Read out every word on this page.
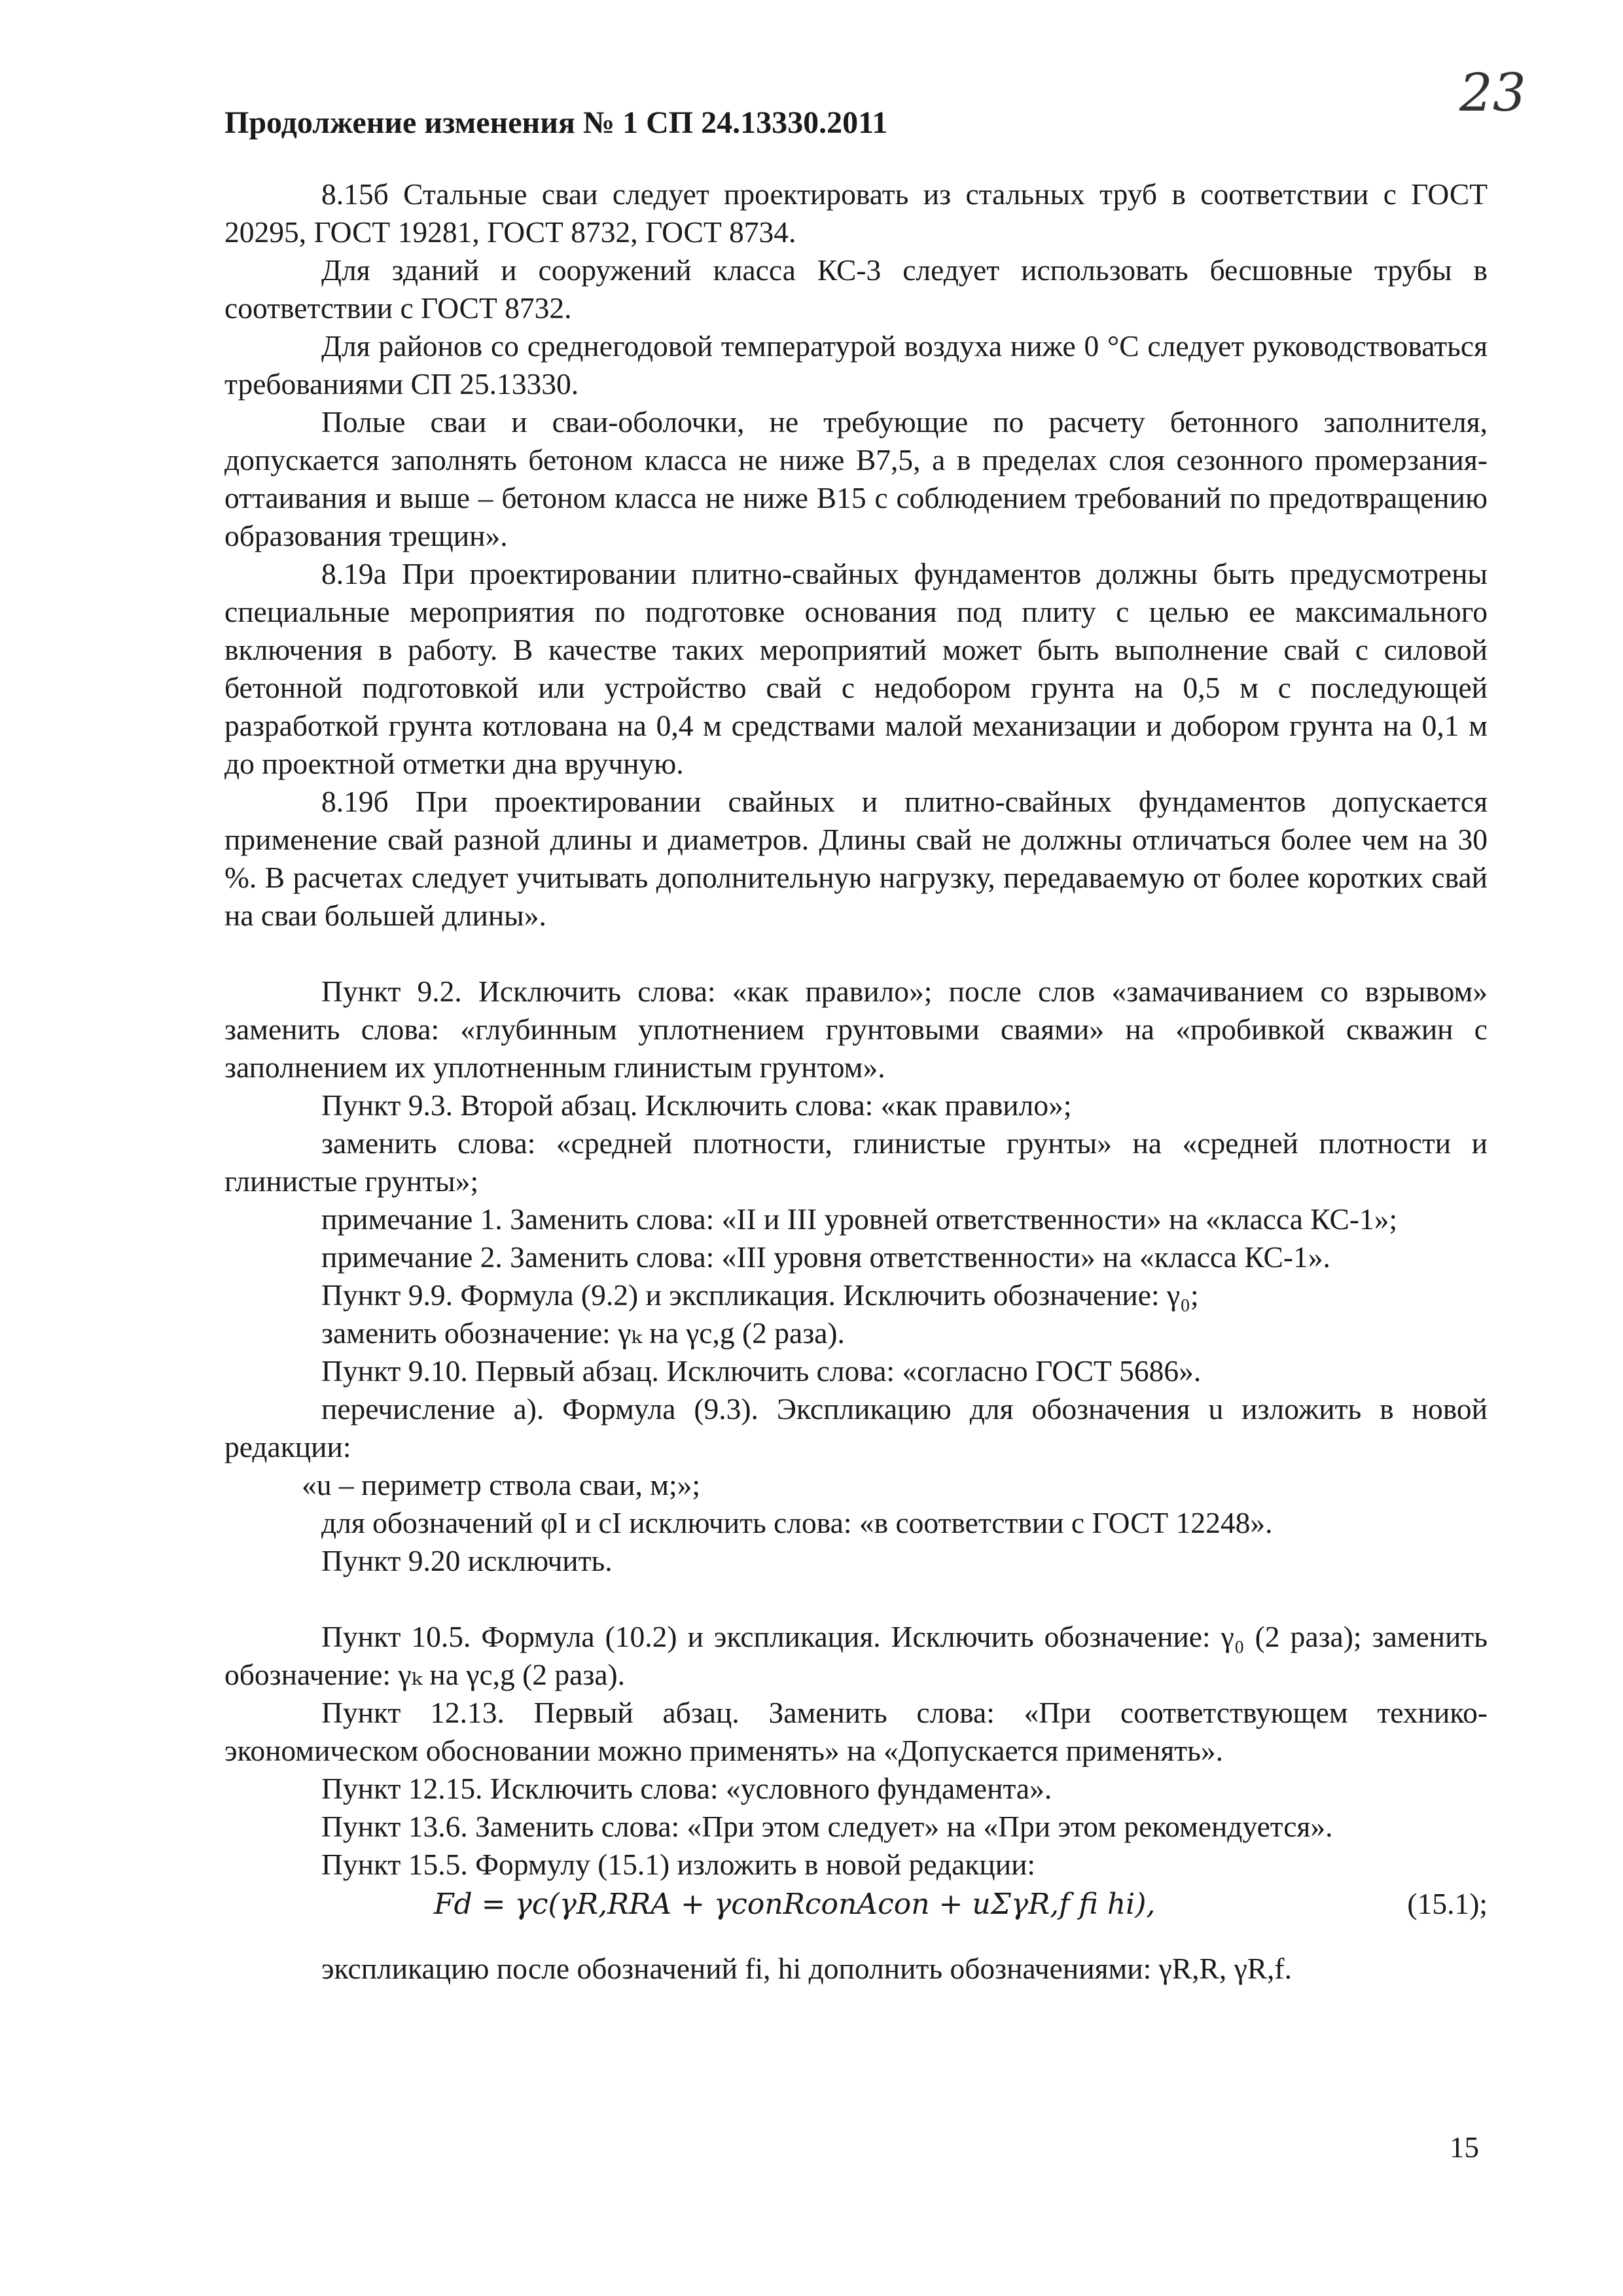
Продолжение изменения № 1 СП 24.13330.2011	23

8.15б Стальные сваи следует проектировать из стальных труб в соответствии с ГОСТ 20295, ГОСТ 19281, ГОСТ 8732, ГОСТ 8734.

Для зданий и сооружений класса КС-3 следует использовать бесшовные трубы в соответствии с ГОСТ 8732.

Для районов со среднегодовой температурой воздуха ниже 0 °С следует руководствоваться требованиями СП 25.13330.

Полые сваи и сваи-оболочки, не требующие по расчету бетонного заполнителя, допускается заполнять бетоном класса не ниже В7,5, а в пределах слоя сезонного промерзания-оттаивания и выше – бетоном класса не ниже В15 с соблюдением требований по предотвращению образования трещин».

8.19а При проектировании плитно-свайных фундаментов должны быть предусмотрены специальные мероприятия по подготовке основания под плиту с целью ее максимального включения в работу. В качестве таких мероприятий может быть выполнение свай с силовой бетонной подготовкой или устройство свай с недобором грунта на 0,5 м с последующей разработкой грунта котлована на 0,4 м средствами малой механизации и добором грунта на 0,1 м до проектной отметки дна вручную.

8.19б При проектировании свайных и плитно-свайных фундаментов допускается применение свай разной длины и диаметров. Длины свай не должны отличаться более чем на 30 %. В расчетах следует учитывать дополнительную нагрузку, передаваемую от более коротких свай на сваи большей длины».

Пункт 9.2. Исключить слова: «как правило»; после слов «замачиванием со взрывом» заменить слова: «глубинным уплотнением грунтовыми сваями» на «пробивкой скважин с заполнением их уплотненным глинистым грунтом».

Пункт 9.3. Второй абзац. Исключить слова: «как правило»;

заменить слова: «средней плотности, глинистые грунты» на «средней плотности и глинистые грунты»;

примечание 1. Заменить слова: «II и III уровней ответственности» на «класса КС-1»;

примечание 2. Заменить слова: «III уровня ответственности» на «класса КС-1».

Пункт 9.9. Формула (9.2) и экспликация. Исключить обозначение: γ₀;

заменить обозначение: γₖ на γc,g (2 раза).

Пункт 9.10. Первый абзац. Исключить слова: «согласно ГОСТ 5686».

перечисление а). Формула (9.3). Экспликацию для обозначения u изложить в новой редакции:

«u – периметр ствола сваи, м;»;

для обозначений φI и cI исключить слова: «в соответствии с ГОСТ 12248».

Пункт 9.20 исключить.

Пункт 10.5. Формула (10.2) и экспликация. Исключить обозначение: γ₀ (2 раза); заменить обозначение: γₖ на γc,g (2 раза).

Пункт 12.13. Первый абзац. Заменить слова: «При соответствующем технико-экономическом обосновании можно применять» на «Допускается применять».

Пункт 12.15. Исключить слова: «условного фундамента».

Пункт 13.6. Заменить слова: «При этом следует» на «При этом рекомендуется».

Пункт 15.5. Формулу (15.1) изложить в новой редакции:

Fd = γc(γR,RRA + γconRconAcon + uΣγR,f fi hi),	(15.1);

экспликацию после обозначений fi, hi дополнить обозначениями: γR,R, γR,f.

15
